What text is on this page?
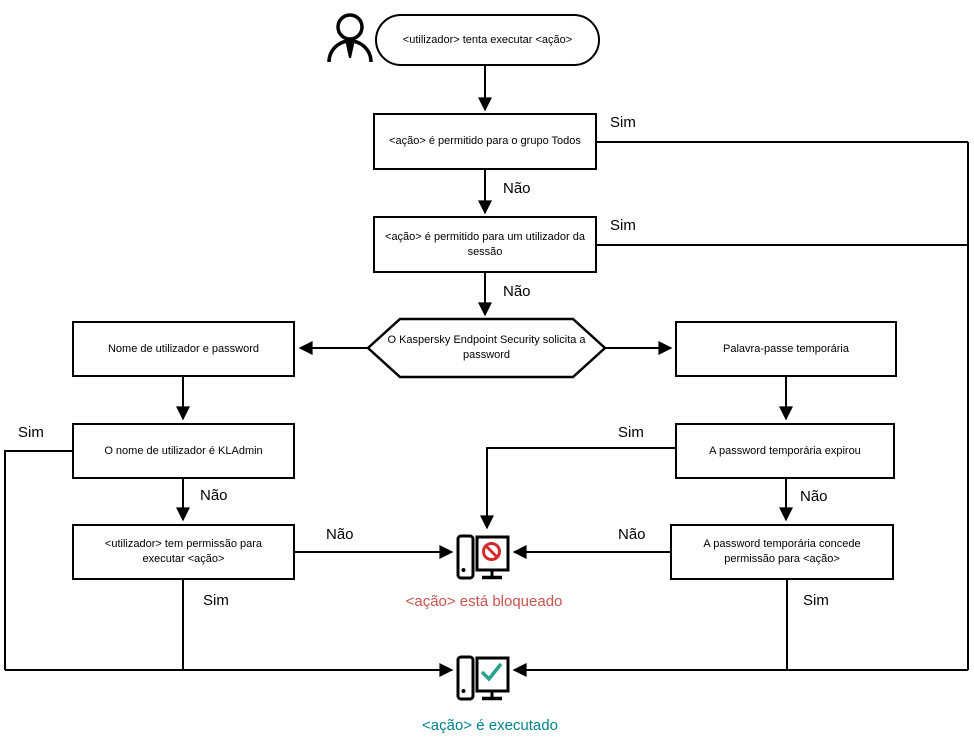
<utilizador> tenta executar <ação>
<ação> é permitido para o grupo Todos
<ação> é permitido para um utilizador da sessão
O Kaspersky Endpoint Security solicita a password
Nome de utilizador e password
O nome de utilizador é KLAdmin
<utilizador> tem permissão para executar <ação>
Palavra-passe temporária
A password temporária expirou
A password temporária concede permissão para <ação>
Sim
Não
Sim
Não
Sim
Não
Não
Sim
Sim
Não
Não
Sim
<ação> está bloqueado
<ação> é executado
